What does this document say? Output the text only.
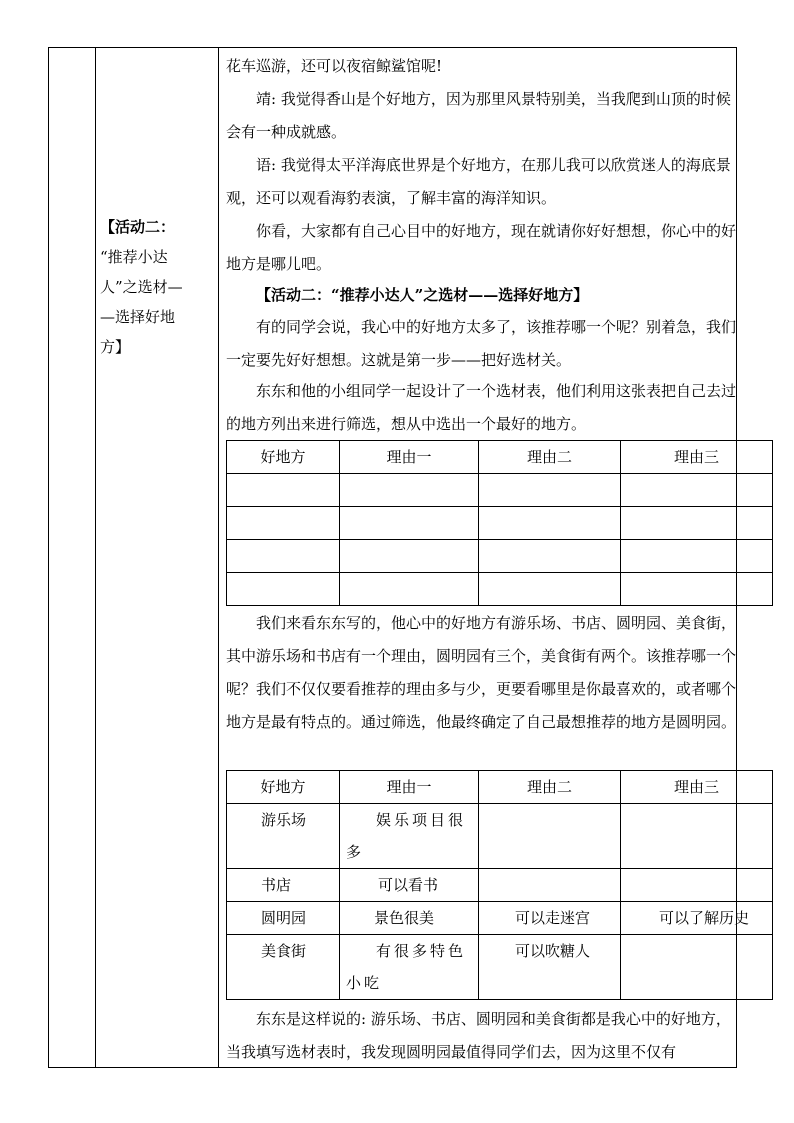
【活动二：
“推荐小达
人”之选材—
—选择好地
方】
花车巡游，还可以夜宿鲸鲨馆呢!
靖: 我觉得香山是个好地方，因为那里风景特别美，当我爬到山顶的时候会有一种成就感。
语: 我觉得太平洋海底世界是个好地方，在那儿我可以欣赏迷人的海底景观，还可以观看海豹表演，了解丰富的海洋知识。
你看，大家都有自己心目中的好地方，现在就请你好好想想，你心中的好地方是哪儿吧。
【活动二：“推荐小达人”之选材——选择好地方】
有的同学会说，我心中的好地方太多了，该推荐哪一个呢？别着急，我们一定要先好好想想。这就是第一步——把好选材关。
东东和他的小组同学一起设计了一个选材表，他们利用这张表把自己去过的地方列出来进行筛选，想从中选出一个最好的地方。
好地方	理由一	理由二	理由三

我们来看东东写的，他心中的好地方有游乐场、书店、圆明园、美食街，其中游乐场和书店有一个理由，圆明园有三个，美食街有两个。该推荐哪一个呢？我们不仅仅要看推荐的理由多与少，更要看哪里是你最喜欢的，或者哪个地方是最有特点的。通过筛选，他最终确定了自己最想推荐的地方是圆明园。
好地方	理由一	理由二	理由三

游乐场	娱乐项目很多		

书店	可以看书		

圆明园	景色很美	可以走迷宫	可以了解历史

美食街	有很多特色小吃	可以吹糖人	

东东是这样说的: 游乐场、书店、圆明园和美食街都是我心中的好地方，当我填写选材表时，我发现圆明园最值得同学们去，因为这里不仅有
